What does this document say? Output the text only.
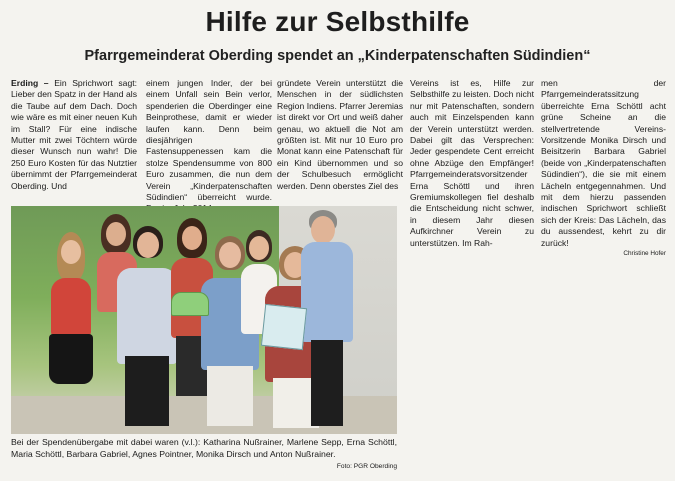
Hilfe zur Selbsthilfe
Pfarrgemeinderat Oberding spendet an „Kinderpatenschaften Südindien“

Erding – Ein Sprichwort sagt: Lieber den Spatz in der Hand als die Taube auf dem Dach. Doch wie wäre es mit einer neuen Kuh im Stall? Für eine indische Mutter mit zwei Töchtern würde dieser Wunsch nun wahr! Die 250 Euro Kosten für das Nutztier übernimmt der Pfarrgemeinderat Oberding. Und

einem jungen Inder, der bei einem Unfall sein Bein verlor, spenderien die Oberdinger eine Beinprothese, damit er wieder laufen kann. Denn beim diesjährigen Fastensuppenessen kam die stolze Spendensumme von 800 Euro zusammen, die nun dem Verein „Kinderpatenschaften Südindien“ überreicht wurde.

gründete Verein unterstützt die Menschen in der südlichsten Region Indiens. Pfarrer Jeremias ist direkt vor Ort und weiß daher genau, wo aktuell die Not am größten ist. Mit nur 10 Euro pro Monat kann eine Patenschaft für ein Kind übernommen und so der Schulbesuch ermöglicht werden. Denn oberstes Ziel des

Vereins ist es, Hilfe zur Selbsthilfe zu leisten. Doch nicht nur mit Patenschaften, sondern auch mit Einzelspenden kann der Verein unterstützt werden. Dabei gilt das Versprechen: Jeder gespendete Cent erreicht ohne Abzüge den Empfänger! Pfarrgemeinderatsvorsitzender Erna Schöttl und ihren Gremiumskollegen fiel deshalb die Entscheidung nicht schwer, in diesem Jahr diesen Aufkirchner Verein zu unterstützen. Im Rah-

men der Pfarrgemeinderatssitzung überreichte Erna Schöttl acht grüne Scheine an die stellvertretende Vereins-Vorsitzende Monika Dirsch und Beisitzerin Barbara Gabriel (beide von „Kinderpatenschaften Südindien“), die sie mit einem Lächeln entgegennahmen. Und mit dem hierzu passenden indischen Sprichwort schließt sich der Kreis: Das Lächeln, das du aussendest, kehrt zu dir zurück!

Christine Hofer

Bei der Spendenübergabe mit dabei waren (v.l.): Katharina Nußrainer, Marlene Sepp, Erna Schöttl, Maria Schöttl, Barbara Gabriel, Agnes Pointner, Monika Dirsch und Anton Nußrainer.

Foto: PGR Oberding
